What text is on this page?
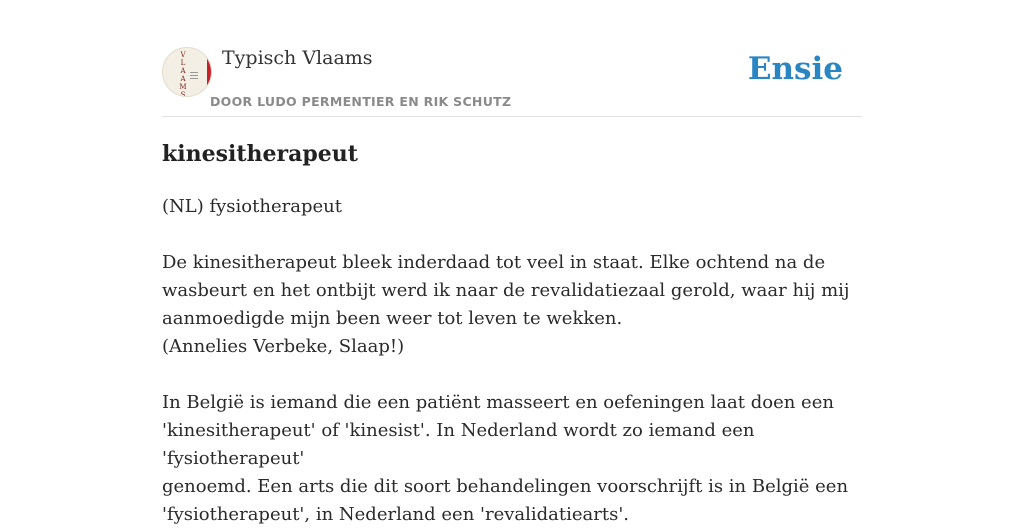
V
L
A
A
M
S
Typisch Vlaams
DOOR LUDO PERMENTIER EN RIK SCHUTZ
Ensie
kinesitherapeut

(NL) fysiotherapeut

De kinesitherapeut bleek inderdaad tot veel in staat. Elke ochtend na de
wasbeurt en het ontbijt werd ik naar de revalidatiezaal gerold, waar hij mij
aanmoedigde mijn been weer tot leven te wekken.
(Annelies Verbeke, Slaap!)
In België is iemand die een patiënt masseert en oefeningen laat doen een
'kinesitherapeut' of 'kinesist'. In Nederland wordt zo iemand een 'fysiotherapeut'
genoemd. Een arts die dit soort behandelingen voorschrijft is in België een
'fysiotherapeut', in Nederland een 'revalidatiearts'.
